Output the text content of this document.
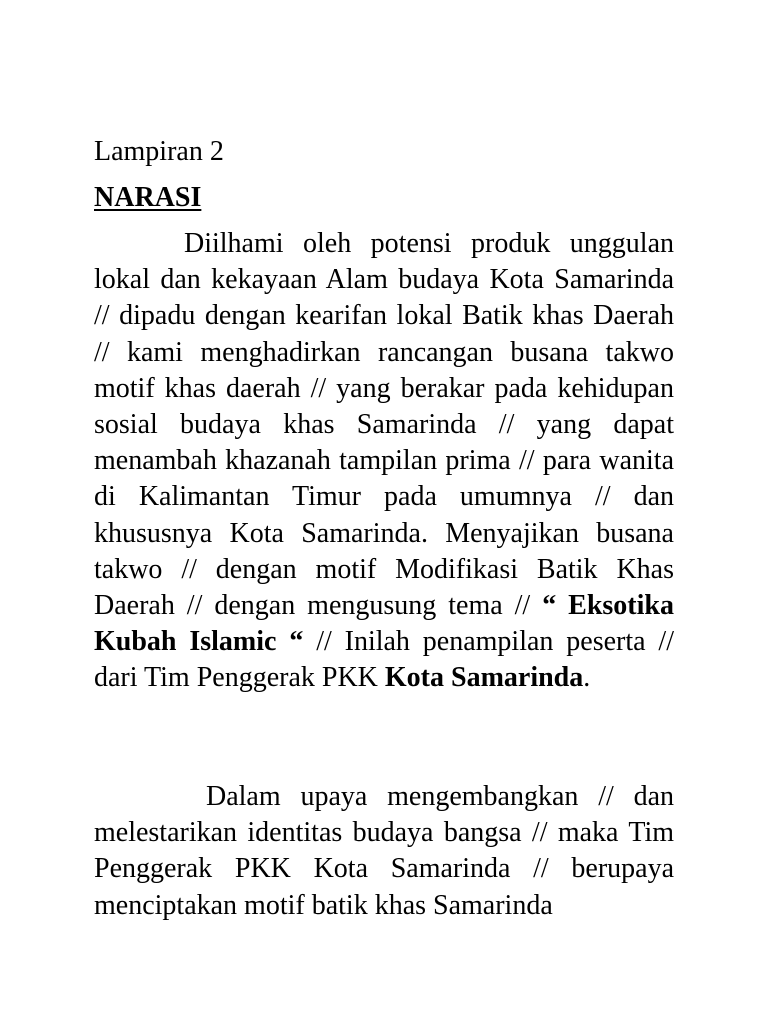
Lampiran 2
NARASI

Diilhami oleh potensi produk unggulan lokal dan kekayaan Alam budaya Kota Samarinda // dipadu dengan kearifan lokal Batik khas Daerah // kami menghadirkan rancangan busana takwo motif khas daerah // yang berakar pada kehidupan sosial budaya khas Samarinda // yang dapat menambah khazanah tampilan prima // para wanita di Kalimantan Timur pada umumnya // dan khususnya Kota Samarinda. Menyajikan busana takwo // dengan motif Modifikasi Batik Khas Daerah // dengan mengusung tema // “ Eksotika Kubah Islamic “ // Inilah penampilan peserta // dari Tim Penggerak PKK Kota Samarinda.

Dalam upaya mengembangkan // dan melestarikan identitas budaya bangsa // maka Tim Penggerak PKK Kota Samarinda // berupaya menciptakan motif batik khas Samarinda
